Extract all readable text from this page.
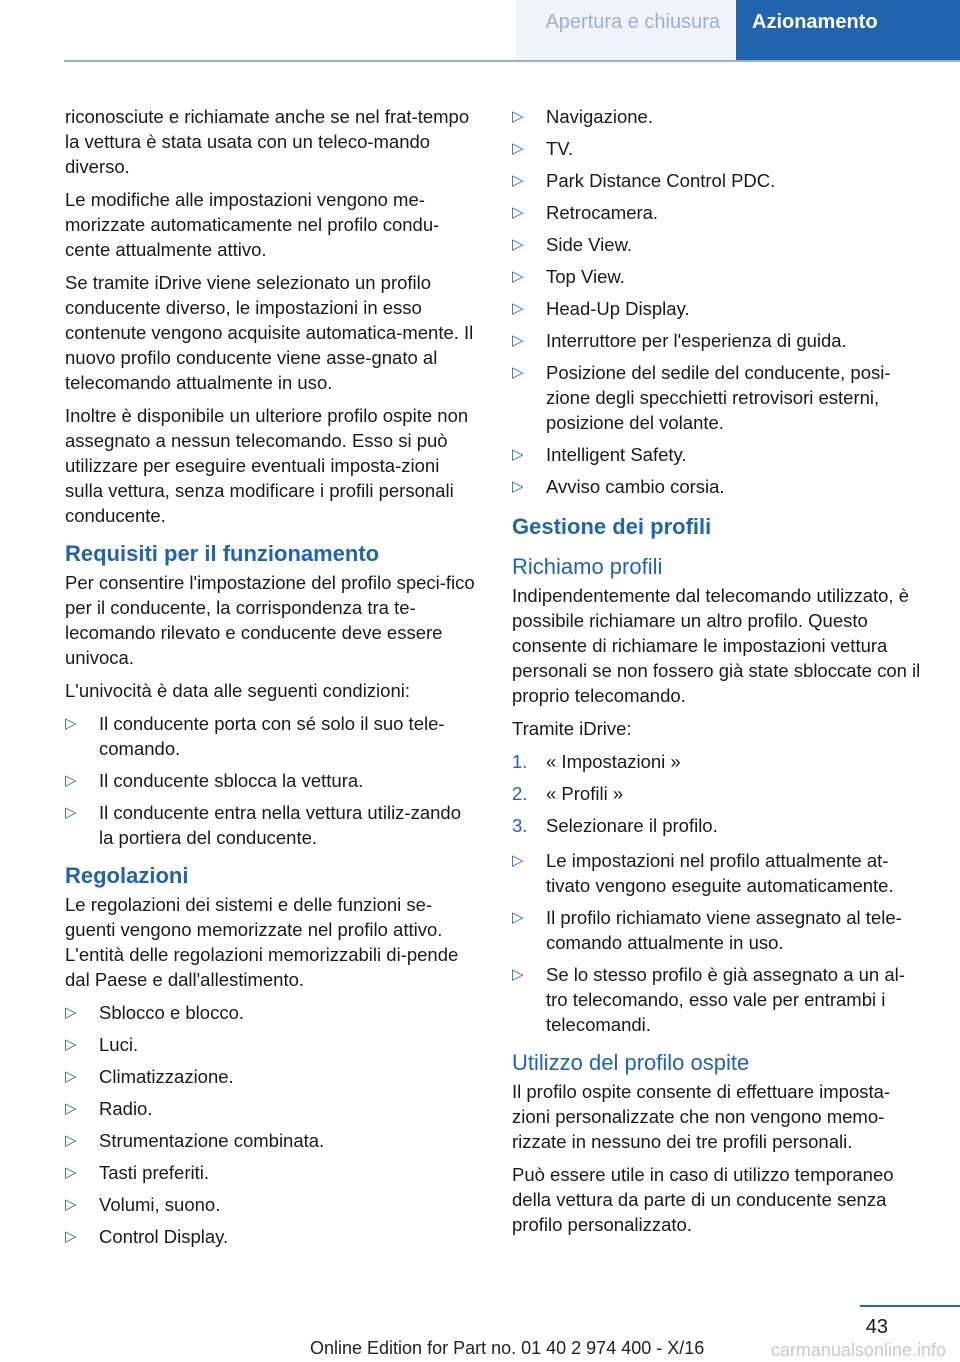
Apertura e chiusura	Azionamento

riconosciute e richiamate anche se nel frat-tempo la vettura è stata usata con un teleco-mando diverso.

Le modifiche alle impostazioni vengono me-morizzate automaticamente nel profilo condu-cente attualmente attivo.

Se tramite iDrive viene selezionato un profilo conducente diverso, le impostazioni in esso contenute vengono acquisite automatica-mente. Il nuovo profilo conducente viene asse-gnato al telecomando attualmente in uso.

Inoltre è disponibile un ulteriore profilo ospite non assegnato a nessun telecomando. Esso si può utilizzare per eseguire eventuali imposta-zioni sulla vettura, senza modificare i profili personali conducente.

Requisiti per il funzionamento

Per consentire l'impostazione del profilo speci-fico per il conducente, la corrispondenza tra te-lecomando rilevato e conducente deve essere univoca.

L'univocità è data alle seguenti condizioni:

▷ Il conducente porta con sé solo il suo tele-comando.
▷ Il conducente sblocca la vettura.
▷ Il conducente entra nella vettura utiliz-zando la portiera del conducente.
Regolazioni

Le regolazioni dei sistemi e delle funzioni se-guenti vengono memorizzate nel profilo attivo. L'entità delle regolazioni memorizzabili di-pende dal Paese e dall'allestimento.

▷ Sblocco e blocco.
▷ Luci.
▷ Climatizzazione.
▷ Radio.
▷ Strumentazione combinata.
▷ Tasti preferiti.
▷ Volumi, suono.
▷ Control Display.
▷ Navigazione.
▷ TV.
▷ Park Distance Control PDC.
▷ Retrocamera.
▷ Side View.
▷ Top View.
▷ Head-Up Display.
▷ Interruttore per l'esperienza di guida.
▷ Posizione del sedile del conducente, posi-zione degli specchietti retrovisori esterni, posizione del volante.
▷ Intelligent Safety.
▷ Avviso cambio corsia.
Gestione dei profili
Richiamo profili

Indipendentemente dal telecomando utilizzato, è possibile richiamare un altro profilo. Questo consente di richiamare le impostazioni vettura personali se non fossero già state sbloccate con il proprio telecomando.

Tramite iDrive:

1. « Impostazioni »
2. « Profili »
3. Selezionare il profilo.
▷ Le impostazioni nel profilo attualmente at-tivato vengono eseguite automaticamente.
▷ Il profilo richiamato viene assegnato al tele-comando attualmente in uso.
▷ Se lo stesso profilo è già assegnato a un al-tro telecomando, esso vale per entrambi i telecomandi.
Utilizzo del profilo ospite

Il profilo ospite consente di effettuare imposta-zioni personalizzate che non vengono memo-rizzate in nessuno dei tre profili personali.

Può essere utile in caso di utilizzo temporaneo della vettura da parte di un conducente senza profilo personalizzato.

43
Online Edition for Part no. 01 40 2 974 400 - X/16	carmanualsonline.info
